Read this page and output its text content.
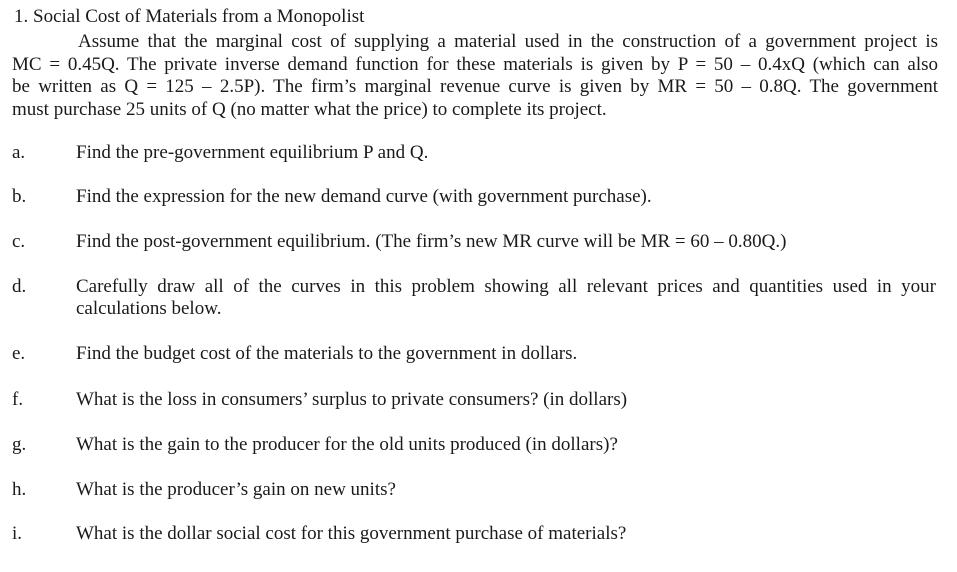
1. Social Cost of Materials from a Monopolist
Assume that the marginal cost of supplying a material used in the construction of a government project is
MC = 0.45Q. The private inverse demand function for these materials is given by P = 50 – 0.4xQ (which can also
be written as Q = 125 – 2.5P). The firm’s marginal revenue curve is given by MR = 50 – 0.8Q. The government
must purchase 25 units of Q (no matter what the price) to complete its project.
a.	Find the pre-government equilibrium P and Q.
b.	Find the expression for the new demand curve (with government purchase).
c.	Find the post-government equilibrium. (The firm’s new MR curve will be MR = 60 – 0.80Q.)
d.	Carefully draw all of the curves in this problem showing all relevant prices and quantities used in your calculations below.
e.	Find the budget cost of the materials to the government in dollars.
f.	What is the loss in consumers’ surplus to private consumers? (in dollars)
g.	What is the gain to the producer for the old units produced (in dollars)?
h.	What is the producer’s gain on new units?
i.	What is the dollar social cost for this government purchase of materials?
